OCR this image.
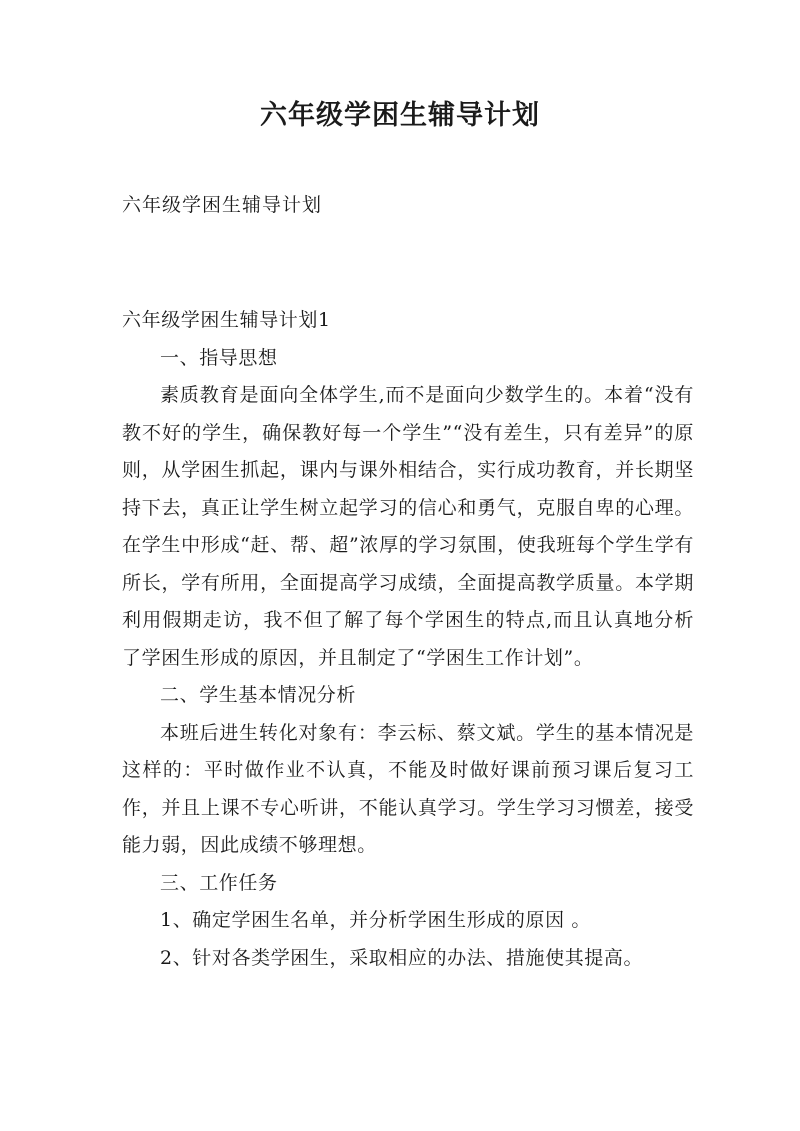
六年级学困生辅导计划
六年级学困生辅导计划

六年级学困生辅导计划1

一、指导思想

素质教育是面向全体学生,而不是面向少数学生的。本着“没有教不好的学生，确保教好每一个学生”“没有差生，只有差异”的原则，从学困生抓起，课内与课外相结合，实行成功教育，并长期坚持下去，真正让学生树立起学习的信心和勇气，克服自卑的心理。在学生中形成“赶、帮、超”浓厚的学习氛围，使我班每个学生学有所长，学有所用，全面提高学习成绩，全面提高教学质量。本学期利用假期走访，我不但了解了每个学困生的特点,而且认真地分析了学困生形成的原因，并且制定了“学困生工作计划”。

二、学生基本情况分析

本班后进生转化对象有：李云标、蔡文斌。学生的基本情况是这样的：平时做作业不认真，不能及时做好课前预习课后复习工作，并且上课不专心听讲，不能认真学习。学生学习习惯差，接受能力弱，因此成绩不够理想。

三、工作任务

1、确定学困生名单，并分析学困生形成的原因 。

2、针对各类学困生，采取相应的办法、措施使其提高。
